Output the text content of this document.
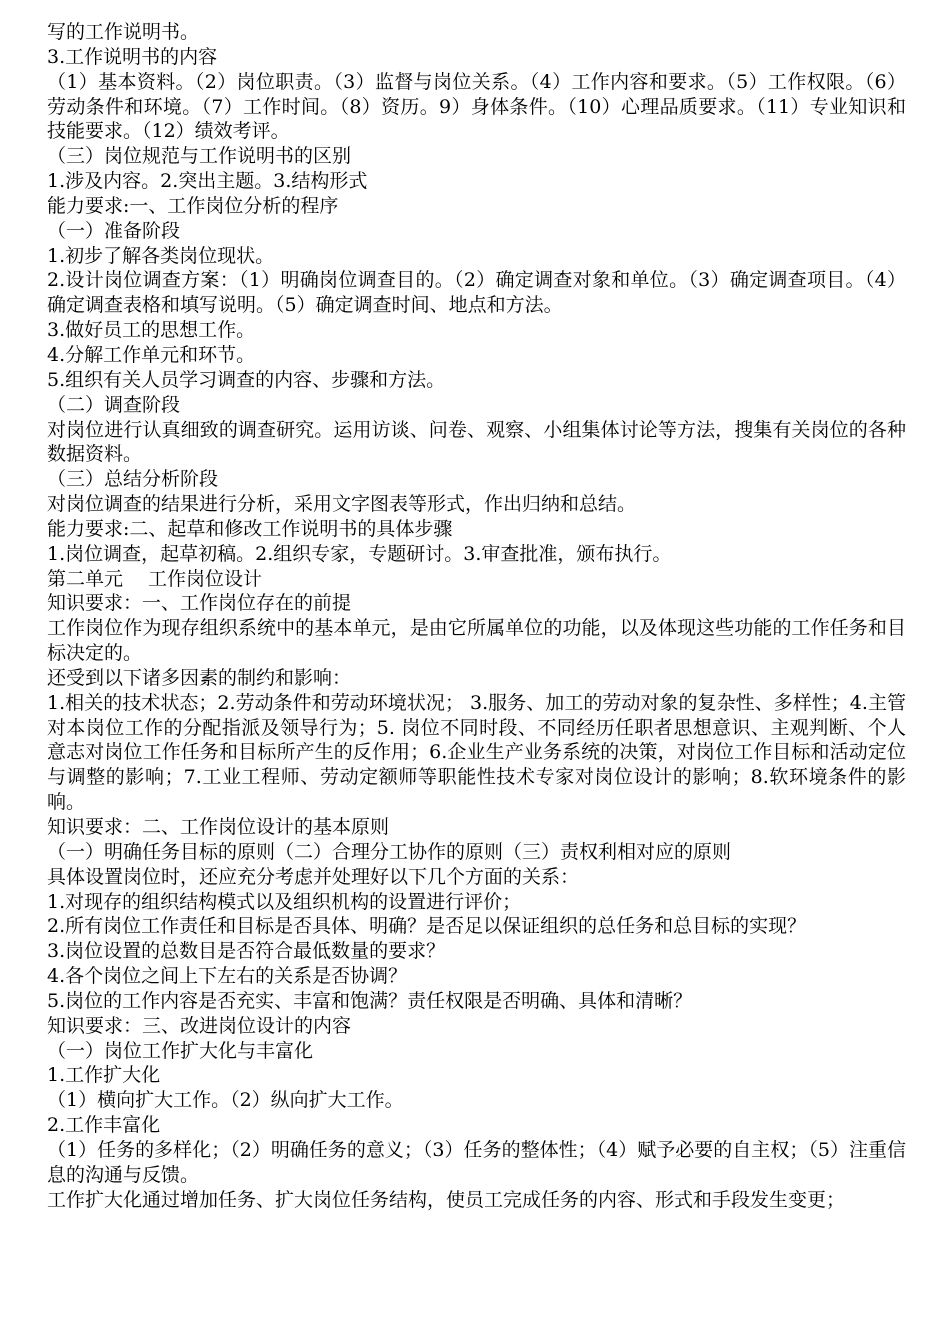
写的工作说明书。

3.工作说明书的内容

（1）基本资料。（2）岗位职责。（3）监督与岗位关系。（4）工作内容和要求。（5）工作权限。（6）劳动条件和环境。（7）工作时间。（8）资历。9）身体条件。（10）心理品质要求。（11）专业知识和技能要求。（12）绩效考评。

（三）岗位规范与工作说明书的区别

1.涉及内容。2.突出主题。3.结构形式

能力要求:一、工作岗位分析的程序

（一）准备阶段

1.初步了解各类岗位现状。

2.设计岗位调查方案：（1）明确岗位调查目的。（2）确定调查对象和单位。（3）确定调查项目。（4）确定调查表格和填写说明。（5）确定调查时间、地点和方法。

3.做好员工的思想工作。

4.分解工作单元和环节。

5.组织有关人员学习调查的内容、步骤和方法。

（二）调查阶段

对岗位进行认真细致的调查研究。运用访谈、问卷、观察、小组集体讨论等方法，搜集有关岗位的各种数据资料。

（三）总结分析阶段

对岗位调查的结果进行分析，采用文字图表等形式，作出归纳和总结。

能力要求:二、起草和修改工作说明书的具体步骤

1.岗位调查，起草初稿。2.组织专家，专题研讨。3.审查批准，颁布执行。

第二单元　 工作岗位设计

知识要求：一、工作岗位存在的前提

工作岗位作为现存组织系统中的基本单元，是由它所属单位的功能，以及体现这些功能的工作任务和目标决定的。

还受到以下诸多因素的制约和影响：

1.相关的技术状态；2.劳动条件和劳动环境状况； 3.服务、加工的劳动对象的复杂性、多样性；4.主管对本岗位工作的分配指派及领导行为；5. 岗位不同时段、不同经历任职者思想意识、主观判断、个人意志对岗位工作任务和目标所产生的反作用；6.企业生产业务系统的决策，对岗位工作目标和活动定位与调整的影响；7.工业工程师、劳动定额师等职能性技术专家对岗位设计的影响；8.软环境条件的影响。

知识要求：二、工作岗位设计的基本原则

（一）明确任务目标的原则（二）合理分工协作的原则（三）责权利相对应的原则

具体设置岗位时，还应充分考虑并处理好以下几个方面的关系：

1.对现存的组织结构模式以及组织机构的设置进行评价；

2.所有岗位工作责任和目标是否具体、明确？是否足以保证组织的总任务和总目标的实现？

3.岗位设置的总数目是否符合最低数量的要求？

4.各个岗位之间上下左右的关系是否协调？

5.岗位的工作内容是否充实、丰富和饱满？责任权限是否明确、具体和清晰？

知识要求：三、改进岗位设计的内容

（一）岗位工作扩大化与丰富化

1.工作扩大化

（1）横向扩大工作。（2）纵向扩大工作。

2.工作丰富化

（1）任务的多样化；（2）明确任务的意义；（3）任务的整体性；（4）赋予必要的自主权；（5）注重信息的沟通与反馈。

工作扩大化通过增加任务、扩大岗位任务结构，使员工完成任务的内容、形式和手段发生变更；
